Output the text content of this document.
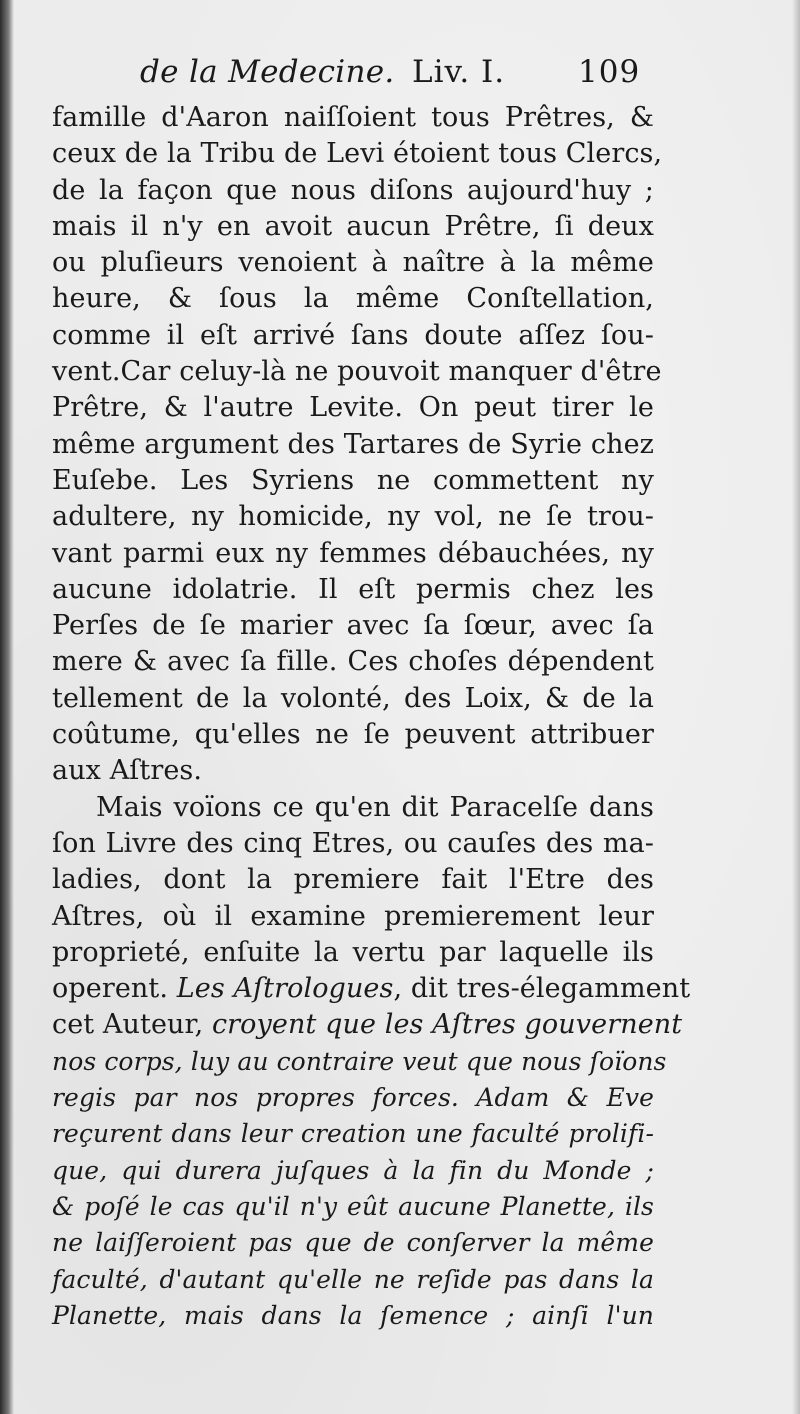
de la Medecine. Liv. I. 109
famille d'Aaron naiſſoient tous Prêtres, &
ceux de la Tribu de Levi étoient tous Clercs,
de la façon que nous diſons aujourd'huy ;
mais il n'y en avoit aucun Prêtre, ſi deux
ou pluſieurs venoient à naître à la même
heure, & ſous la même Conſtellation,
comme il eſt arrivé ſans doute aſſez ſou-
vent.Car celuy-là ne pouvoit manquer d'être
Prêtre, & l'autre Levite. On peut tirer le
même argument des Tartares de Syrie chez
Euſebe. Les Syriens ne commettent ny
adultere, ny homicide, ny vol, ne ſe trou-
vant parmi eux ny femmes débauchées, ny
aucune idolatrie. Il eſt permis chez les
Perſes de ſe marier avec ſa ſœur, avec ſa
mere & avec ſa fille. Ces choſes dépendent
tellement de la volonté, des Loix, & de la
coûtume, qu'elles ne ſe peuvent attribuer
aux Aſtres.
Mais voïons ce qu'en dit Paracelſe dans
ſon Livre des cinq Etres, ou cauſes des ma-
ladies, dont la premiere fait l'Etre des
Aſtres, où il examine premierement leur
proprieté, enſuite la vertu par laquelle ils
operent. Les Aſtrologues, dit tres-élegamment
cet Auteur, croyent que les Aſtres gouvernent
nos corps, luy au contraire veut que nous ſoïons
regis par nos propres forces. Adam & Eve
reçurent dans leur creation une faculté prolifi-
que, qui durera juſques à la fin du Monde ;
& poſé le cas qu'il n'y eût aucune Planette, ils
ne laiſſeroient pas que de conſerver la même
faculté, d'autant qu'elle ne reſide pas dans la
Planette, mais dans la ſemence ; ainſi l'un
